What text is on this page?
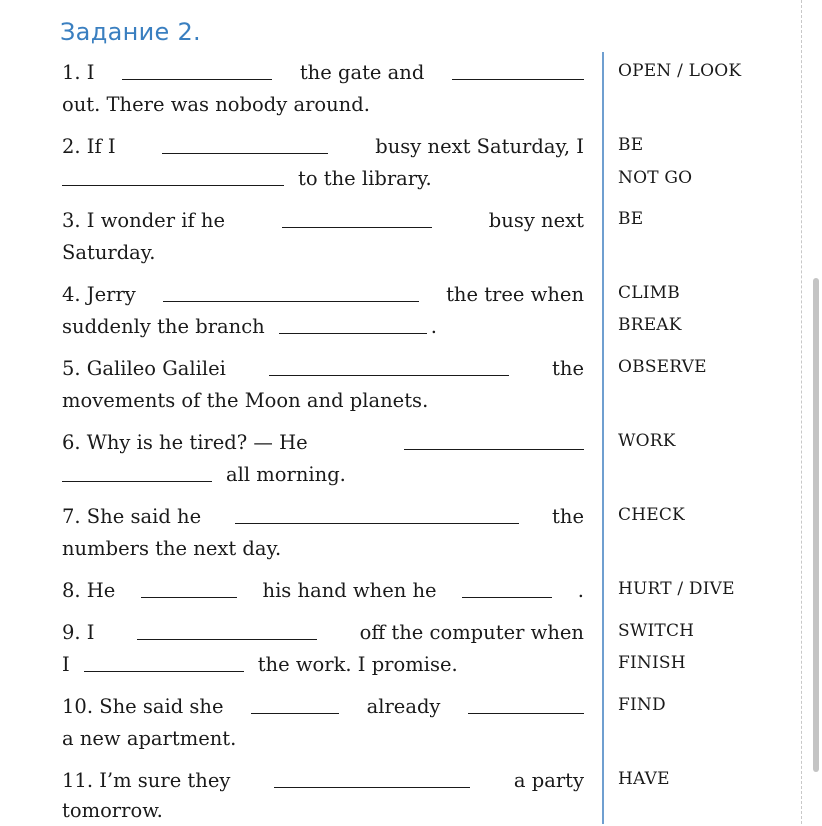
Задание 2.
1. I	the gate and
out. There was nobody around.
OPEN / LOOK
2. If I	busy next Saturday, I
to the library.
BE
NOT GO
3. I wonder if he	busy next
Saturday.
BE
4. Jerry	the tree when
suddenly the branch	.
CLIMB
BREAK
5. Galileo Galilei	the
movements of the Moon and planets.
OBSERVE
6. Why is he tired? — He
all morning.
WORK
7. She said he	the
numbers the next day.
CHECK
8. He	his hand when he	. HURT / DIVE
9. I	off the computer when
I	the work. I promise.
SWITCH
FINISH
10. She said she	already
a new apartment.
FIND
11. I’m sure they	a party
tomorrow.
HAVE
